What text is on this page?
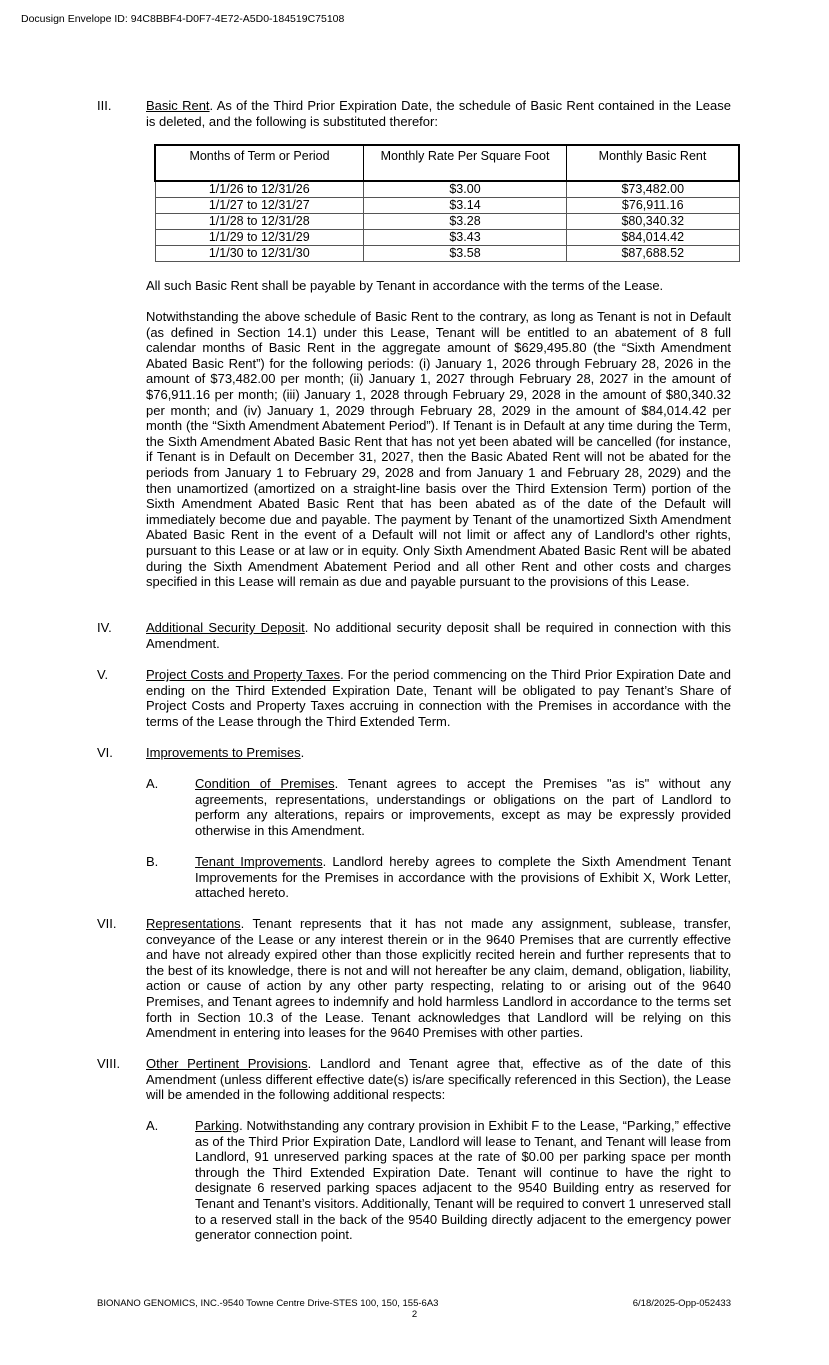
Docusign Envelope ID: 94C8BBF4-D0F7-4E72-A5D0-184519C75108
III.	Basic Rent. As of the Third Prior Expiration Date, the schedule of Basic Rent contained in the Lease is deleted, and the following is substituted therefor:

Months of Term or Period	Monthly Rate Per Square Foot	Monthly Basic Rent
1/1/26 to 12/31/26	$3.00	$73,482.00
1/1/27 to 12/31/27	$3.14	$76,911.16
1/1/28 to 12/31/28	$3.28	$80,340.32
1/1/29 to 12/31/29	$3.43	$84,014.42
1/1/30 to 12/31/30	$3.58	$87,688.52

All such Basic Rent shall be payable by Tenant in accordance with the terms of the Lease.

Notwithstanding the above schedule of Basic Rent to the contrary, as long as Tenant is not in Default (as defined in Section 14.1) under this Lease, Tenant will be entitled to an abatement of 8 full calendar months of Basic Rent in the aggregate amount of $629,495.80 (the “Sixth Amendment Abated Basic Rent”) for the following periods: (i) January 1, 2026 through February 28, 2026 in the amount of $73,482.00 per month; (ii) January 1, 2027 through February 28, 2027 in the amount of $76,911.16 per month; (iii) January 1, 2028 through February 29, 2028 in the amount of $80,340.32 per month; and (iv) January 1, 2029 through February 28, 2029 in the amount of $84,014.42 per month (the “Sixth Amendment Abatement Period”). If Tenant is in Default at any time during the Term, the Sixth Amendment Abated Basic Rent that has not yet been abated will be cancelled (for instance, if Tenant is in Default on December 31, 2027, then the Basic Abated Rent will not be abated for the periods from January 1 to February 29, 2028 and from January 1 and February 28, 2029) and the then unamortized (amortized on a straight-line basis over the Third Extension Term) portion of the Sixth Amendment Abated Basic Rent that has been abated as of the date of the Default will immediately become due and payable. The payment by Tenant of the unamortized Sixth Amendment Abated Basic Rent in the event of a Default will not limit or affect any of Landlord's other rights, pursuant to this Lease or at law or in equity. Only Sixth Amendment Abated Basic Rent will be abated during the Sixth Amendment Abatement Period and all other Rent and other costs and charges specified in this Lease will remain as due and payable pursuant to the provisions of this Lease.

IV.	Additional Security Deposit. No additional security deposit shall be required in connection with this Amendment.

V.	Project Costs and Property Taxes. For the period commencing on the Third Prior Expiration Date and ending on the Third Extended Expiration Date, Tenant will be obligated to pay Tenant’s Share of Project Costs and Property Taxes accruing in connection with the Premises in accordance with the terms of the Lease through the Third Extended Term.

VI.	Improvements to Premises.

A.	Condition of Premises. Tenant agrees to accept the Premises "as is" without any agreements, representations, understandings or obligations on the part of Landlord to perform any alterations, repairs or improvements, except as may be expressly provided otherwise in this Amendment.

B.	Tenant Improvements. Landlord hereby agrees to complete the Sixth Amendment Tenant Improvements for the Premises in accordance with the provisions of Exhibit X, Work Letter, attached hereto.

VII. Representations. Tenant represents that it has not made any assignment, sublease, transfer, conveyance of the Lease or any interest therein or in the 9640 Premises that are currently effective and have not already expired other than those explicitly recited herein and further represents that to the best of its knowledge, there is not and will not hereafter be any claim, demand, obligation, liability, action or cause of action by any other party respecting, relating to or arising out of the 9640 Premises, and Tenant agrees to indemnify and hold harmless Landlord in accordance to the terms set forth in Section 10.3 of the Lease. Tenant acknowledges that Landlord will be relying on this Amendment in entering into leases for the 9640 Premises with other parties.

VIII. Other Pertinent Provisions. Landlord and Tenant agree that, effective as of the date of this Amendment (unless different effective date(s) is/are specifically referenced in this Section), the Lease will be amended in the following additional respects:

A.	Parking. Notwithstanding any contrary provision in Exhibit F to the Lease, “Parking,” effective as of the Third Prior Expiration Date, Landlord will lease to Tenant, and Tenant will lease from Landlord, 91 unreserved parking spaces at the rate of $0.00 per parking space per month through the Third Extended Expiration Date. Tenant will continue to have the right to designate 6 reserved parking spaces adjacent to the 9540 Building entry as reserved for Tenant and Tenant’s visitors. Additionally, Tenant will be required to convert 1 unreserved stall to a reserved stall in the back of the 9540 Building directly adjacent to the emergency power generator connection point.

BIONANO GENOMICS, INC.-9540 Towne Centre Drive-STES 100, 150, 155-6A3	6/18/2025-Opp-052433
2
